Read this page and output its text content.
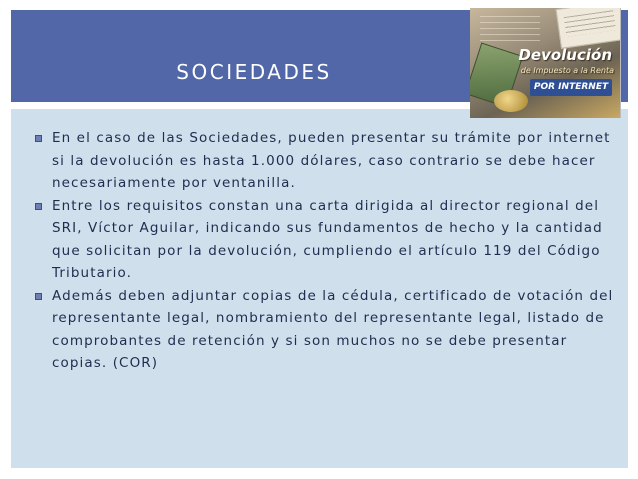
SOCIEDADES
Devolución
de Impuesto a la Renta
POR INTERNET
En el caso de las Sociedades, pueden presentar su trámite por internet si la devolución es hasta 1.000 dólares, caso contrario se debe hacer necesariamente por ventanilla.
Entre los requisitos constan una carta dirigida al director regional del SRI, Víctor Aguilar, indicando sus fundamentos de hecho y la cantidad que solicitan por la devolución, cumpliendo el artículo 119 del Código Tributario.
Además deben adjuntar copias de la cédula, certificado de votación del representante legal, nombramiento del representante legal, listado de comprobantes de retención y si son muchos no se debe presentar copias. (COR)
